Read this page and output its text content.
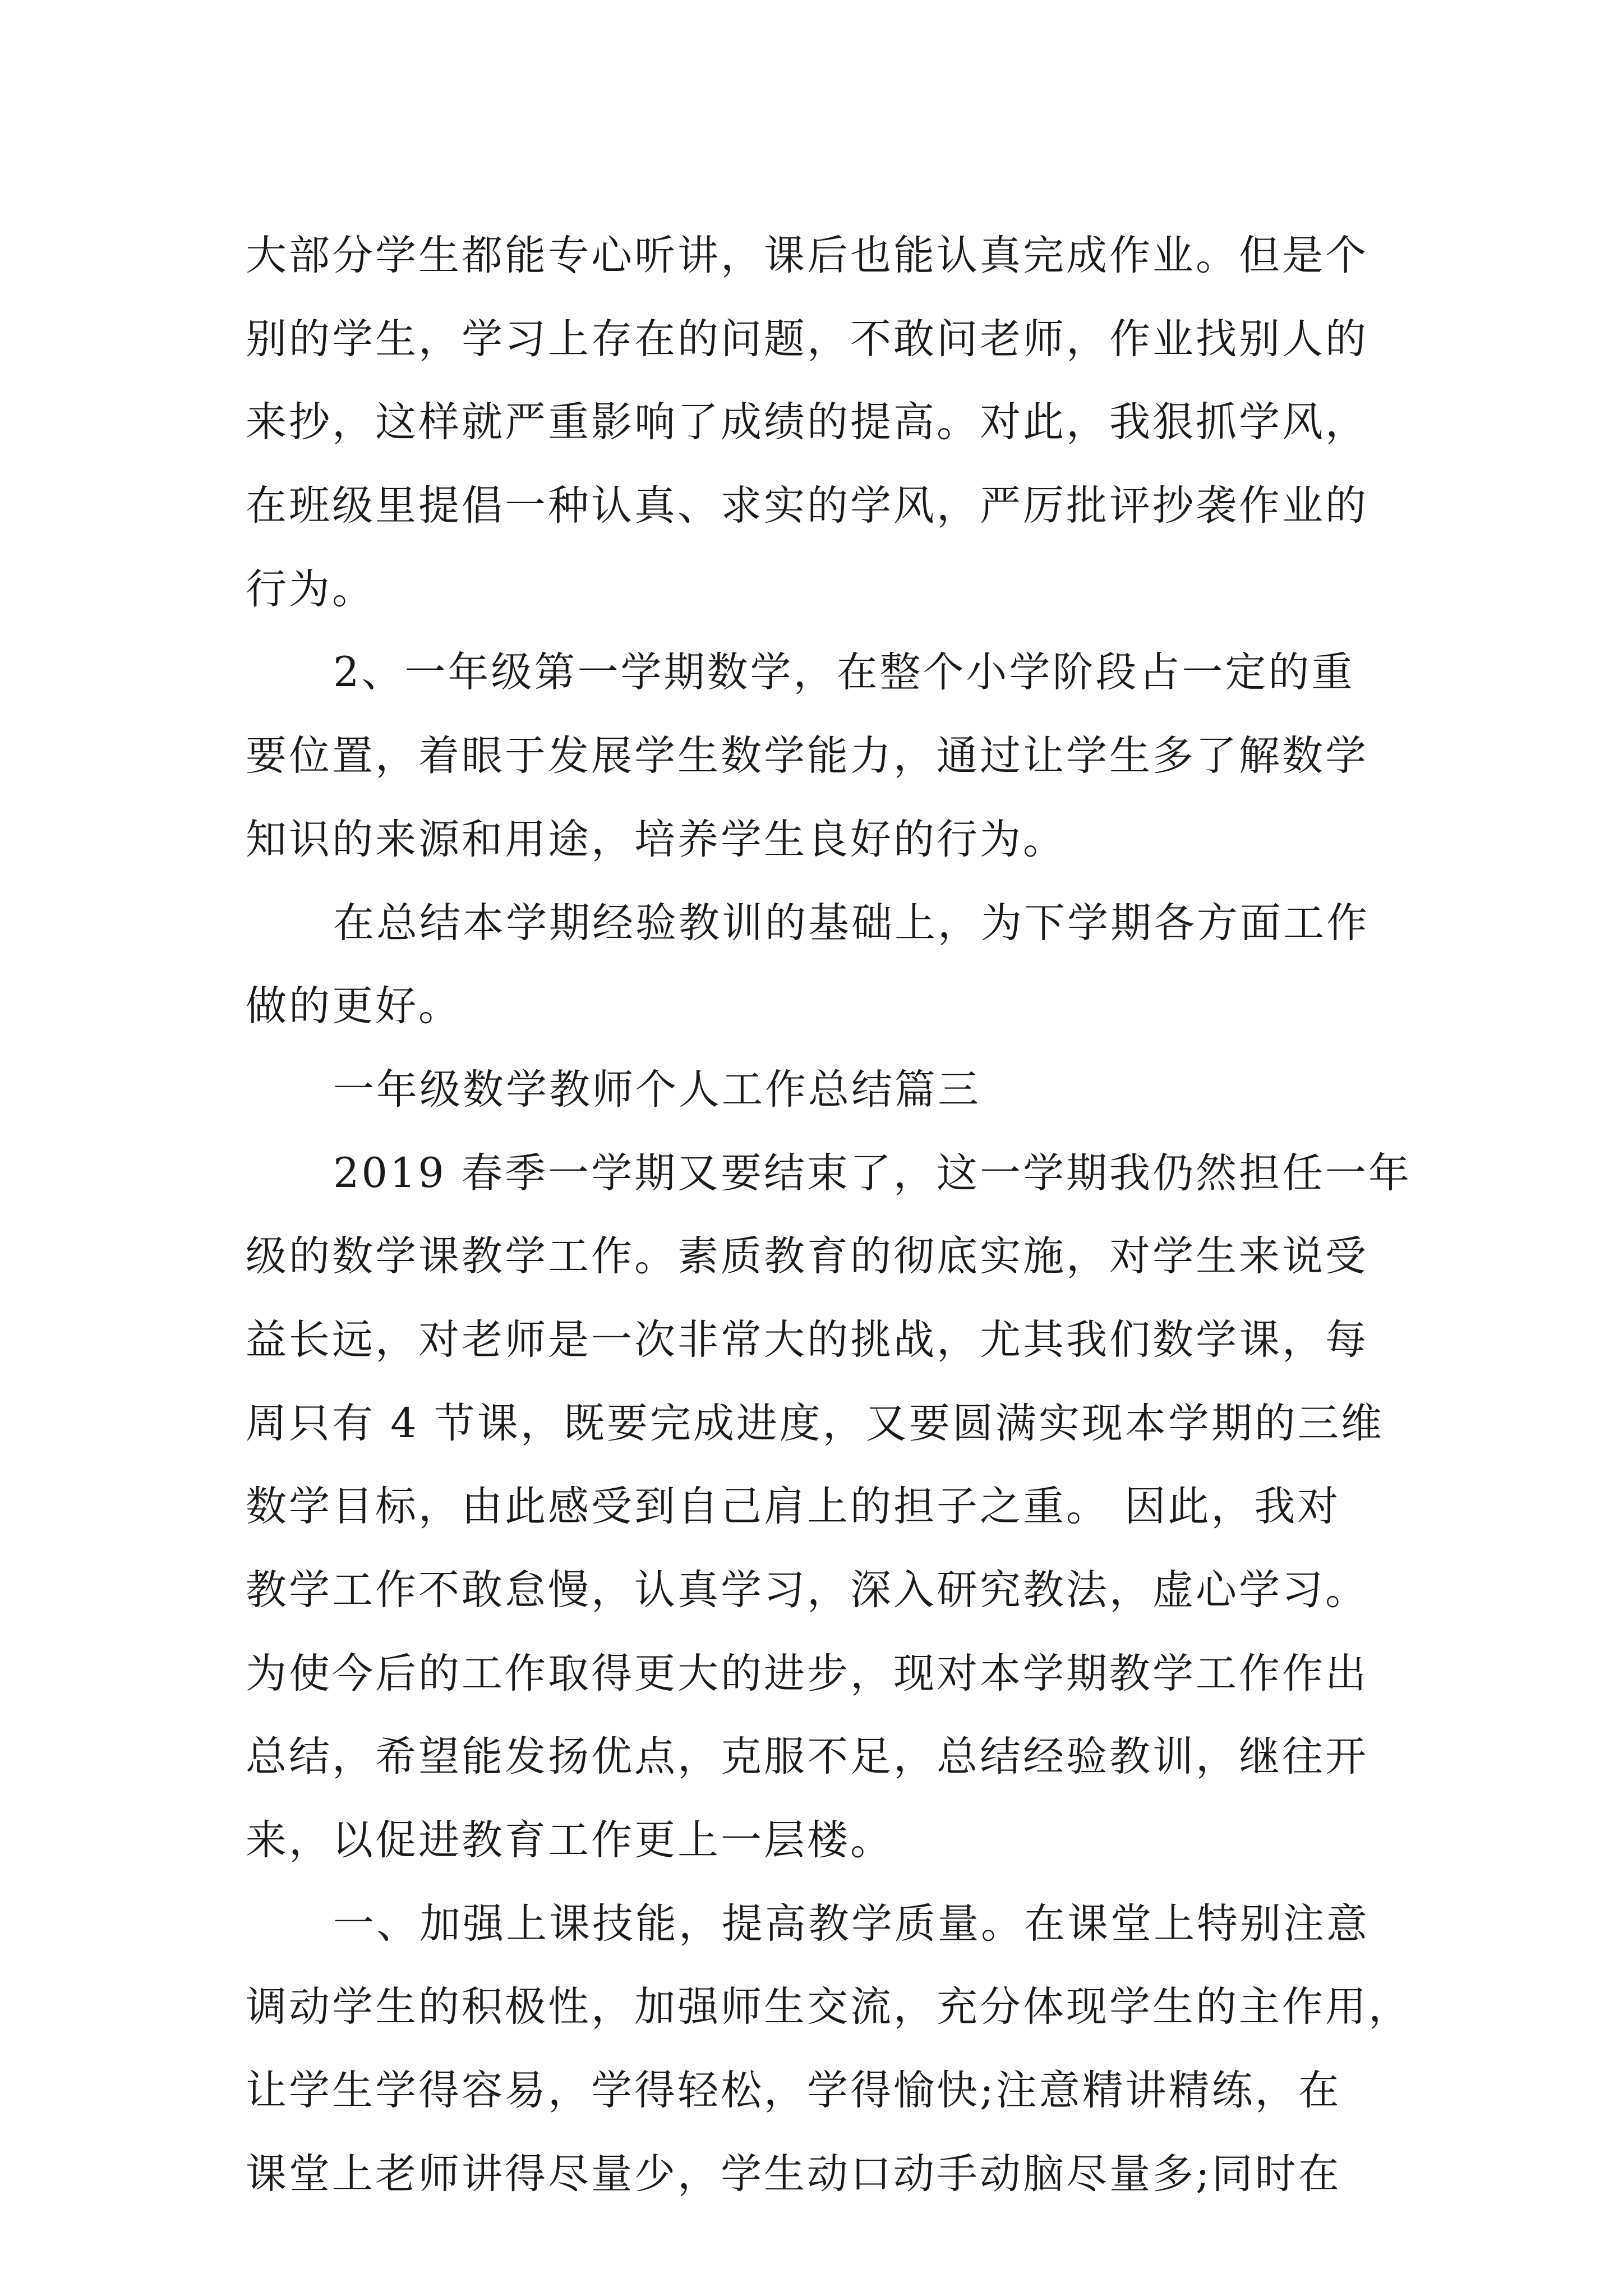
大部分学生都能专心听讲，课后也能认真完成作业。但是个
别的学生，学习上存在的问题，不敢问老师，作业找别人的
来抄，这样就严重影响了成绩的提高。对此，我狠抓学风，
在班级里提倡一种认真、求实的学风，严厉批评抄袭作业的
行为。
2、一年级第一学期数学，在整个小学阶段占一定的重
要位置，着眼于发展学生数学能力，通过让学生多了解数学
知识的来源和用途，培养学生良好的行为。
在总结本学期经验教训的基础上，为下学期各方面工作
做的更好。
一年级数学教师个人工作总结篇三
2019 春季一学期又要结束了，这一学期我仍然担任一年
级的数学课教学工作。素质教育的彻底实施，对学生来说受
益长远，对老师是一次非常大的挑战，尤其我们数学课，每
周只有 4 节课，既要完成进度，又要圆满实现本学期的三维
数学目标，由此感受到自己肩上的担子之重。 因此，我对
教学工作不敢怠慢，认真学习，深入研究教法，虚心学习。
为使今后的工作取得更大的进步，现对本学期教学工作作出
总结，希望能发扬优点，克服不足，总结经验教训，继往开
来，以促进教育工作更上一层楼。
一、加强上课技能，提高教学质量。在课堂上特别注意
调动学生的积极性，加强师生交流，充分体现学生的主作用，
让学生学得容易，学得轻松，学得愉快;注意精讲精练，在
课堂上老师讲得尽量少，学生动口动手动脑尽量多;同时在
